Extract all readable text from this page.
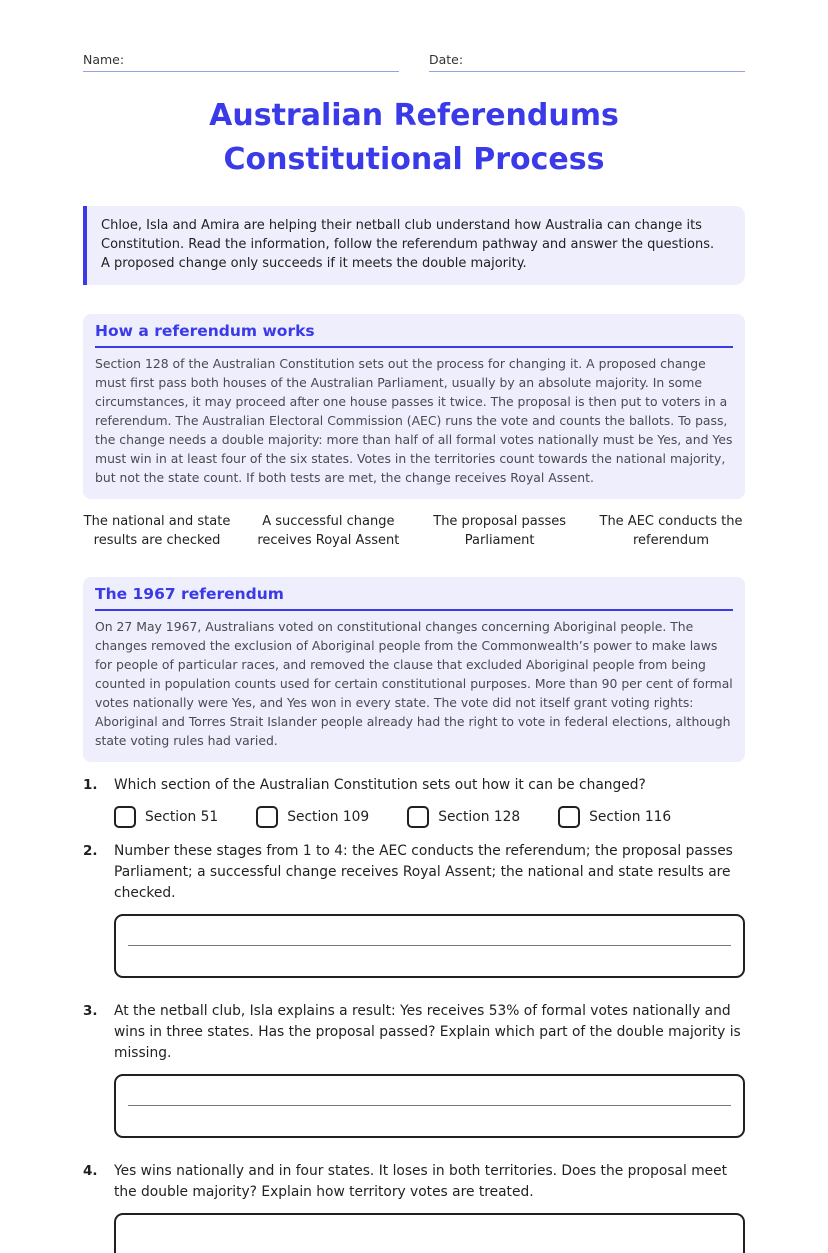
Name:	Date:
Australian Referendums Constitutional Process
Chloe, Isla and Amira are helping their netball club understand how Australia can change its Constitution. Read the information, follow the referendum pathway and answer the questions. A proposed change only succeeds if it meets the double majority.
How a referendum works
Section 128 of the Australian Constitution sets out the process for changing it. A proposed change must first pass both houses of the Australian Parliament, usually by an absolute majority. In some circumstances, it may proceed after one house passes it twice. The proposal is then put to voters in a referendum. The Australian Electoral Commission (AEC) runs the vote and counts the ballots. To pass, the change needs a double majority: more than half of all formal votes nationally must be Yes, and Yes must win in at least four of the six states. Votes in the territories count towards the national majority, but not the state count. If both tests are met, the change receives Royal Assent.
The national and state results are checked
A successful change receives Royal Assent
The proposal passes Parliament
The AEC conducts the referendum
The 1967 referendum
On 27 May 1967, Australians voted on constitutional changes concerning Aboriginal people. The changes removed the exclusion of Aboriginal people from the Commonwealth’s power to make laws for people of particular races, and removed the clause that excluded Aboriginal people from being counted in population counts used for certain constitutional purposes. More than 90 per cent of formal votes nationally were Yes, and Yes won in every state. The vote did not itself grant voting rights: Aboriginal and Torres Strait Islander people already had the right to vote in federal elections, although state voting rules had varied.
1.	Which section of the Australian Constitution sets out how it can be changed?
Section 51	Section 109	Section 128	Section 116
2.	Number these stages from 1 to 4: the AEC conducts the referendum; the proposal passes Parliament; a successful change receives Royal Assent; the national and state results are checked.
3.	At the netball club, Isla explains a result: Yes receives 53% of formal votes nationally and wins in three states. Has the proposal passed? Explain which part of the double majority is missing.
4.	Yes wins nationally and in four states. It loses in both territories. Does the proposal meet the double majority? Explain how territory votes are treated.
